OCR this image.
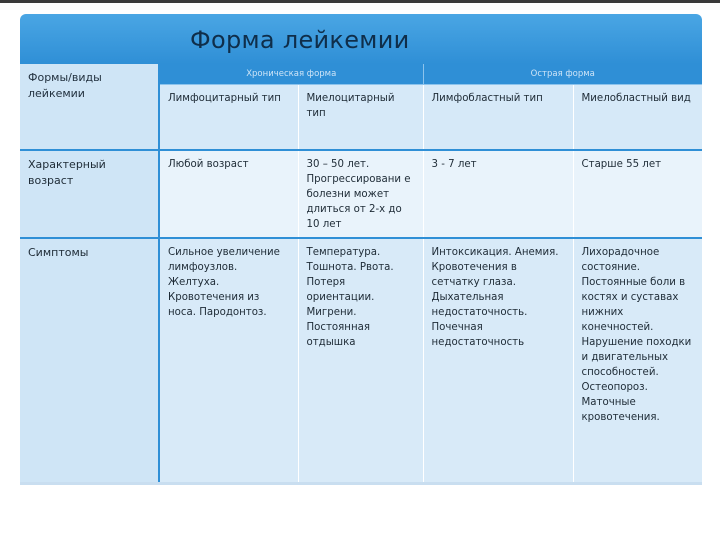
Форма лейкемии
Формы/виды лейкемии	Хроническая форма		Острая форма	
	Лимфоцитарный тип	Миелоцитарный тип	Лимфобластный тип	Миелобластный вид
Характерный возраст	Любой возраст	30 – 50 лет. Прогрессировани е болезни может длиться от 2-х до 10 лет	3 - 7 лет	Старше 55 лет
Симптомы	Сильное увеличение лимфоузлов. Желтуха. Кровотечения из носа. Пародонтоз.	Температура. Тошнота. Рвота. Потеря ориентации. Мигрени. Постоянная отдышка	Интоксикация. Анемия. Кровотечения в сетчатку глаза. Дыхательная недостаточность. Почечная недостаточность	Лихорадочное состояние. Постоянные боли в костях и суставах нижних конечностей. Нарушение походки и двигательных способностей. Остеопороз. Маточные кровотечения.
